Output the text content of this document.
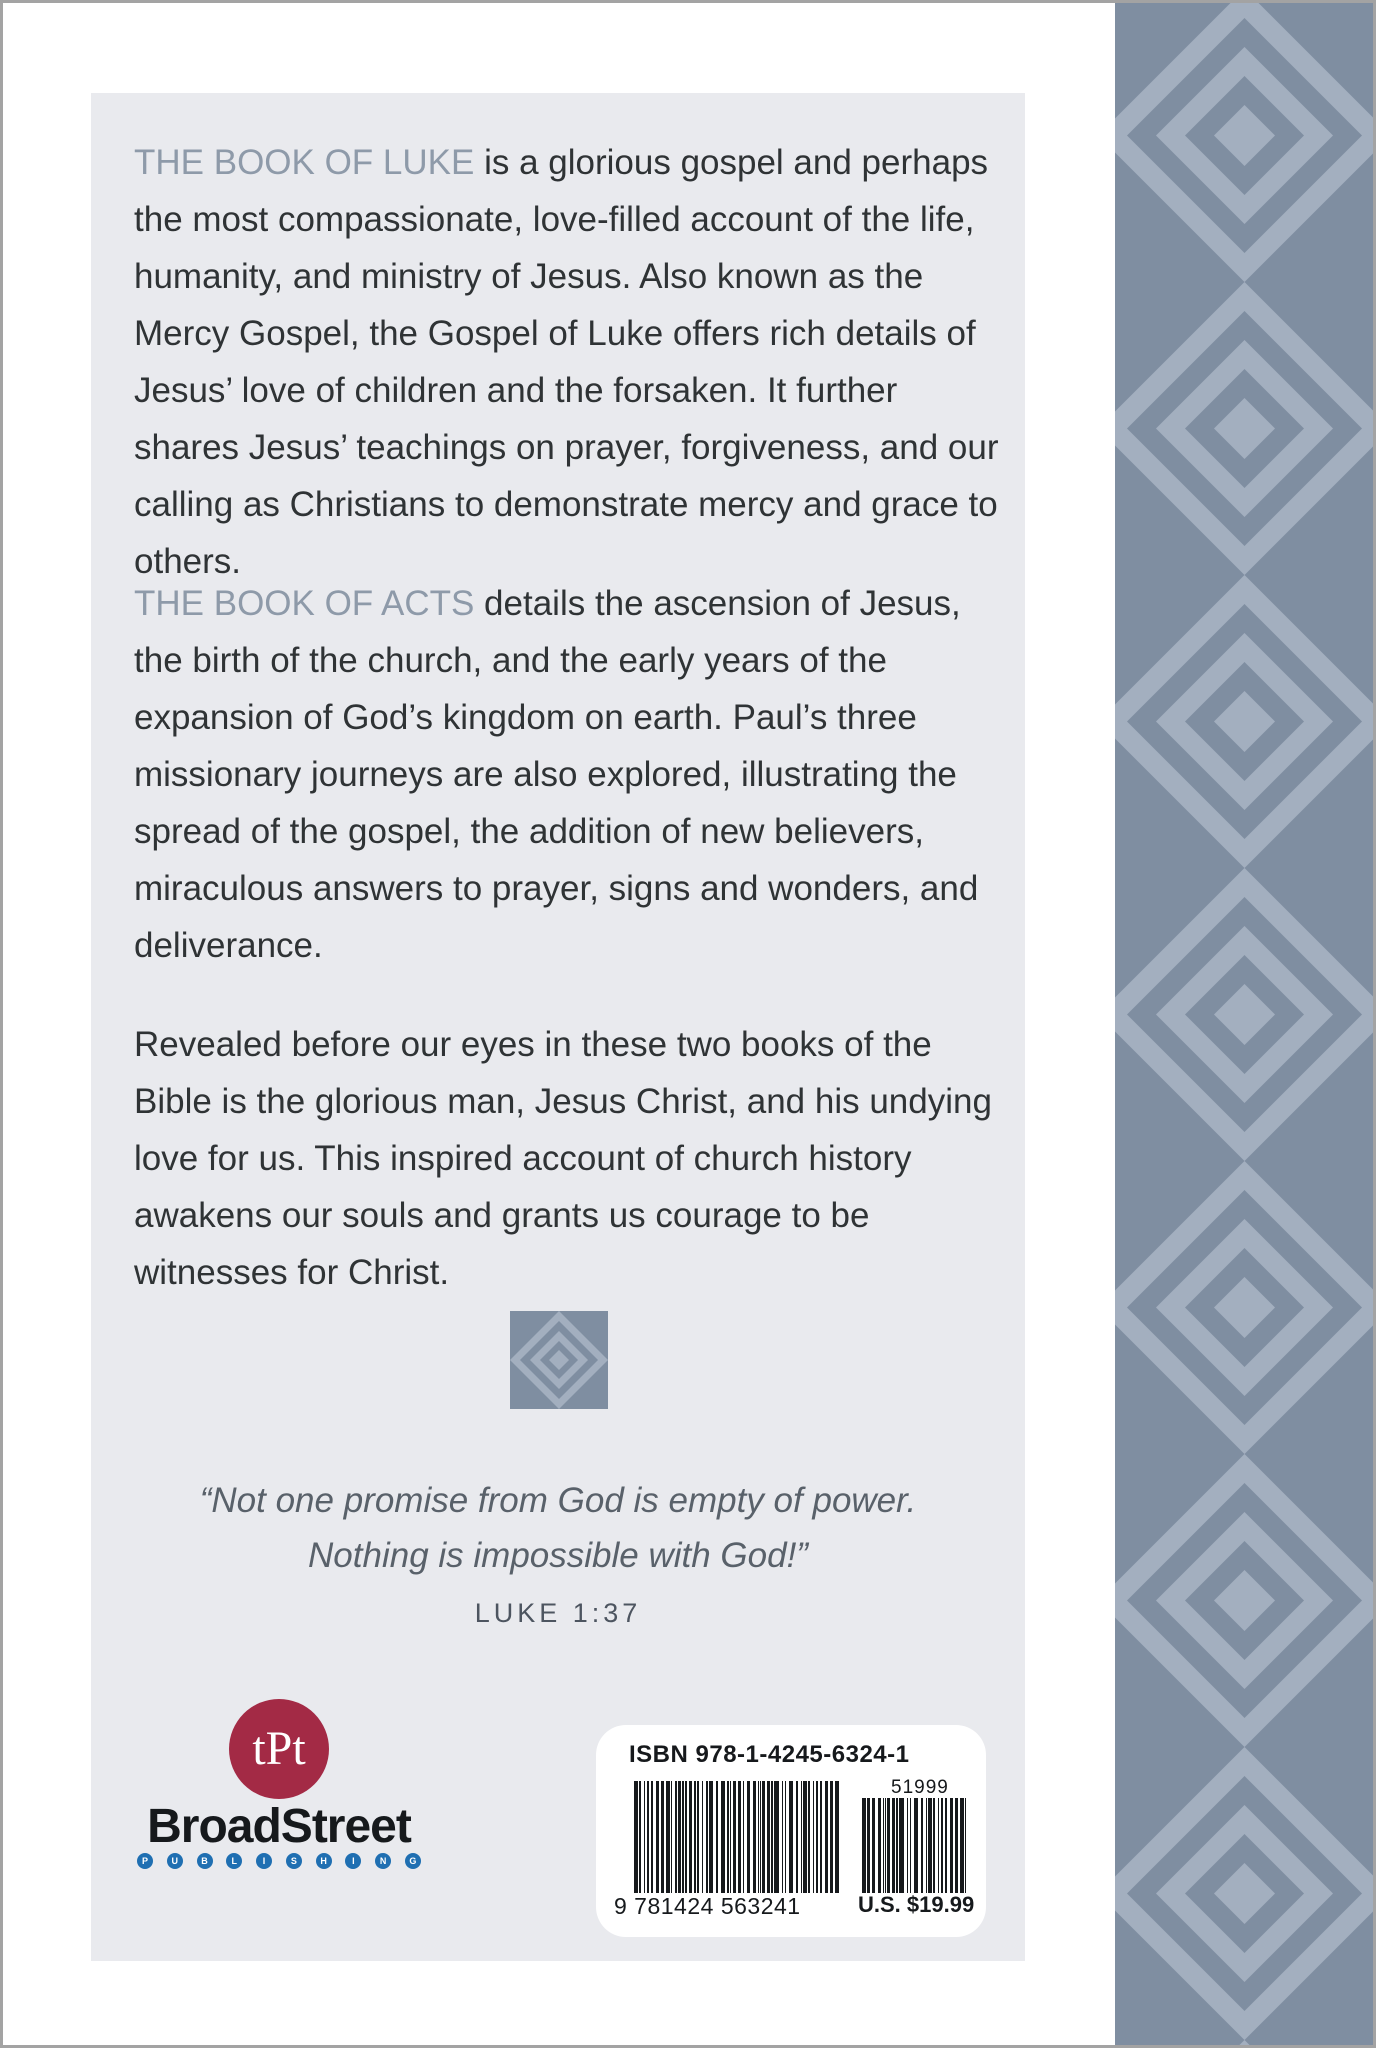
THE BOOK OF LUKE is a glorious gospel and perhaps the most compassionate, love-filled account of the life, humanity, and ministry of Jesus. Also known as the Mercy Gospel, the Gospel of Luke offers rich details of Jesus’ love of children and the forsaken. It further shares Jesus’ teachings on prayer, forgiveness, and our calling as Christians to demonstrate mercy and grace to others.

THE BOOK OF ACTS details the ascension of Jesus, the birth of the church, and the early years of the expansion of God’s kingdom on earth. Paul’s three missionary journeys are also explored, illustrating the spread of the gospel, the addition of new believers, miraculous answers to prayer, signs and wonders, and deliverance.

Revealed before our eyes in these two books of the Bible is the glorious man, Jesus Christ, and his undying love for us. This inspired account of church history awakens our souls and grants us courage to be witnesses for Christ.

“Not one promise from God is empty of power.
Nothing is impossible with God!”

LUKE 1:37
tPt
BroadStreet
P	U	B	L	I	S	H	I	N	G
ISBN 978-1-4245-6324-1
51999
9 781424 563241	U.S. $19.99
